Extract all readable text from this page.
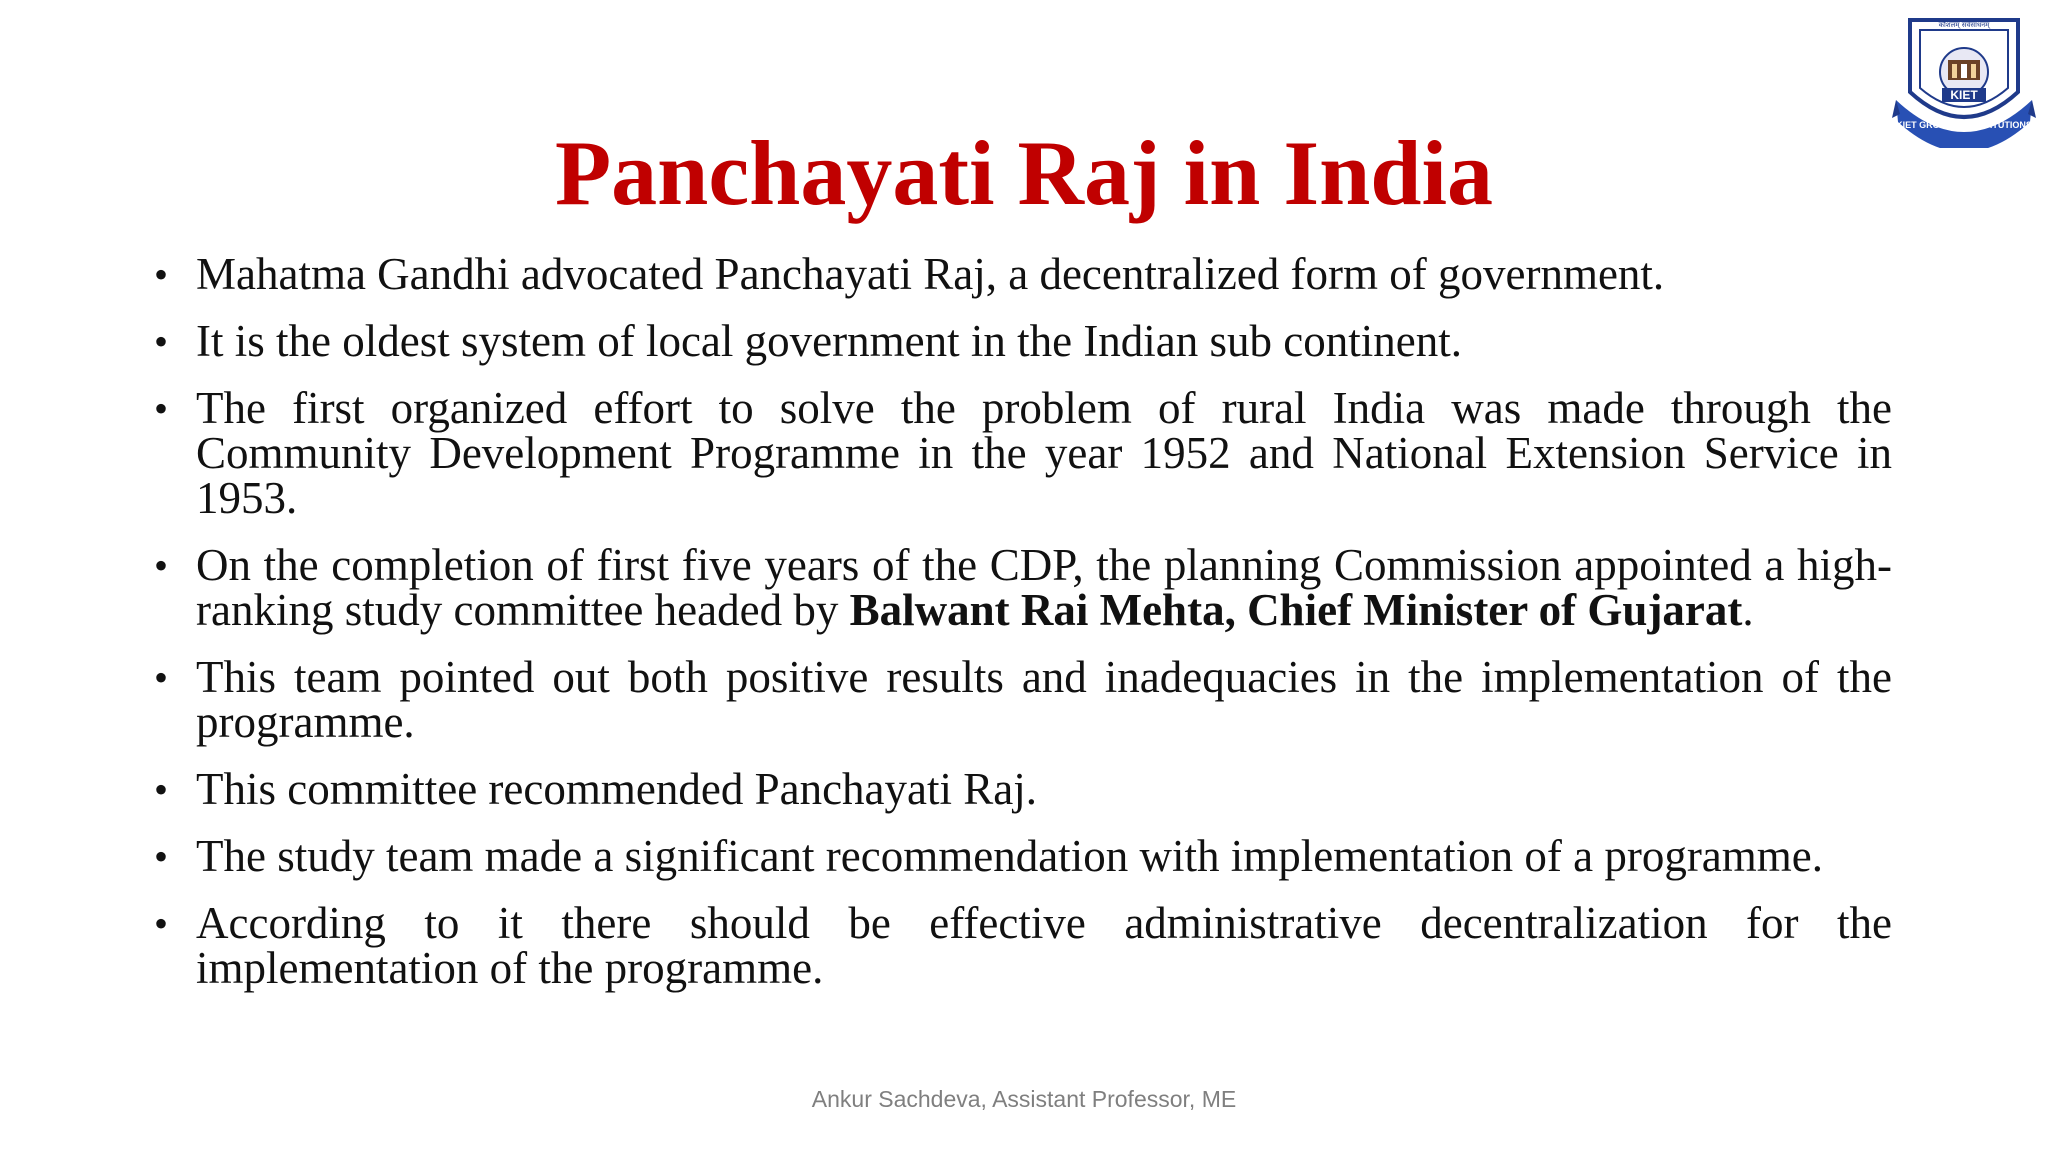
KIET
KIET GROUP OF INSTITUTIONS
कौशलम् सर्वसाधनम्
Panchayati Raj in India
• Mahatma Gandhi advocated Panchayati Raj, a decentralized form of government.
• It is the oldest system of local government in the Indian sub continent.
• The first organized effort to solve the problem of rural India was made through the Community Development Programme in the year 1952 and National Extension Service in 1953.
• On the completion of first five years of the CDP, the planning Commission appointed a high-ranking study committee headed by Balwant Rai Mehta, Chief Minister of Gujarat.
• This team pointed out both positive results and inadequacies in the implementation of the programme.
• This committee recommended Panchayati Raj.
• The study team made a significant recommendation with implementation of a programme.
• According to it there should be effective administrative decentralization for the implementation of the programme.
Ankur Sachdeva, Assistant Professor, ME
